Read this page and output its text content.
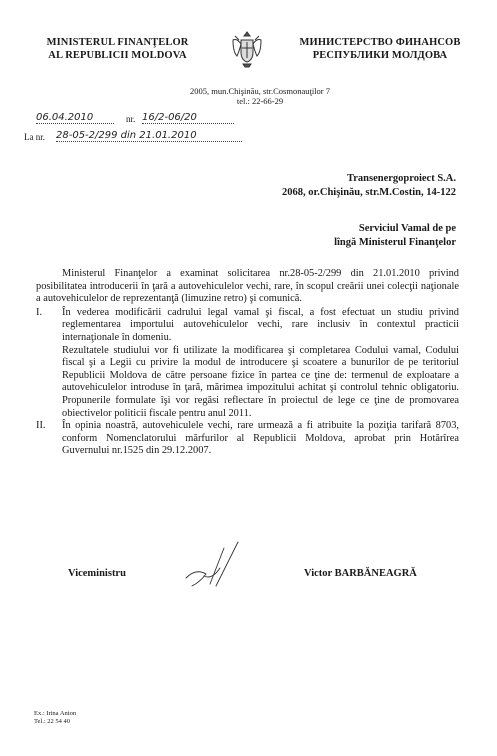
MINISTERUL FINANŢELOR
AL REPUBLICII MOLDOVA
МИНИСТЕРСТВО ФИНАНСОВ
РЕСПУБЛИКИ МОЛДОВА
2005, mun.Chişinău, str.Cosmonauţilor 7
tel.: 22-66-29
06.04.2010	nr. 16/2-06/20
La nr. 28-05-2/299 din 21.01.2010
Transenergoproiect S.A.
2068, or.Chişinău, str.M.Costin, 14-122
Serviciul Vamal de pe
lîngă Ministerul Finanţelor

Ministerul Finanţelor a examinat solicitarea nr.28-05-2/299 din 21.01.2010 privind posibilitatea introducerii în ţară a autovehiculelor vechi, rare, în scopul creării unei colecţii naţionale a autovehiculelor de reprezentanţă (limuzine retro) şi comunică.

I.	În vederea modificării cadrului legal vamal şi fiscal, a fost efectuat un studiu privind reglementarea importului autovehiculelor vechi, rare inclusiv în contextul practicii internaţionale în domeniu.
Rezultatele studiului vor fi utilizate la modificarea şi completarea Codului vamal, Codului fiscal şi a Legii cu privire la modul de introducere şi scoatere a bunurilor de pe teritoriul Republicii Moldova de către persoane fizice în partea ce ţine de: termenul de exploatare a autovehiculelor introduse în ţară, mărimea impozitului achitat şi controlul tehnic obligatoriu. Propunerile formulate îşi vor regăsi reflectare în proiectul de lege ce ţine de promovarea obiectivelor politicii fiscale pentru anul 2011.
II.	În opinia noastră, autovehiculele vechi, rare urmează a fi atribuite la poziţia tarifară 8703, conform Nomenclatorului mărfurilor al Republicii Moldova, aprobat prin Hotărîrea Guvernului nr.1525 din 29.12.2007.
Viceministru	Victor BARBĂNEAGRĂ
Ex.: Irina Anton
Tel.: 22 54 40
